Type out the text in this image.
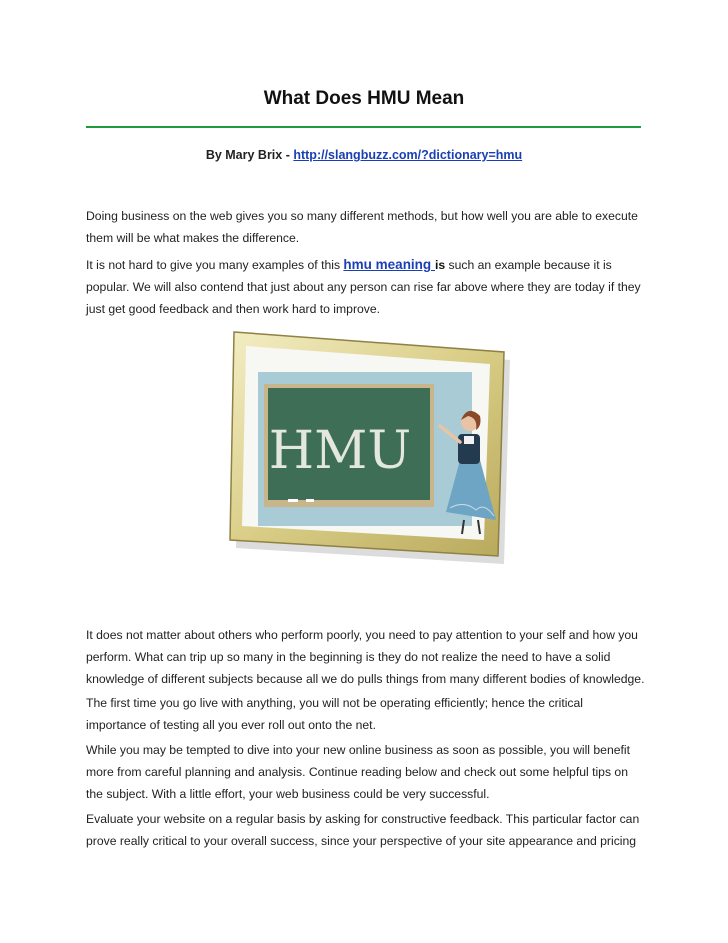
What Does HMU Mean
By Mary Brix - http://slangbuzz.com/?dictionary=hmu
Doing business on the web gives you so many different methods, but how well you are able to execute them will be what makes the difference.
It is not hard to give you many examples of this hmu meaning is such an example because it is popular. We will also contend that just about any person can rise far above where they are today if they just get good feedback and then work hard to improve.
HMU
It does not matter about others who perform poorly, you need to pay attention to your self and how you perform. What can trip up so many in the beginning is they do not realize the need to have a solid knowledge of different subjects because all we do pulls things from many different bodies of knowledge.
The first time you go live with anything, you will not be operating efficiently; hence the critical importance of testing all you ever roll out onto the net.
While you may be tempted to dive into your new online business as soon as possible, you will benefit more from careful planning and analysis. Continue reading below and check out some helpful tips on the subject. With a little effort, your web business could be very successful.
Evaluate your website on a regular basis by asking for constructive feedback. This particular factor can prove really critical to your overall success, since your perspective of your site appearance and pricing
